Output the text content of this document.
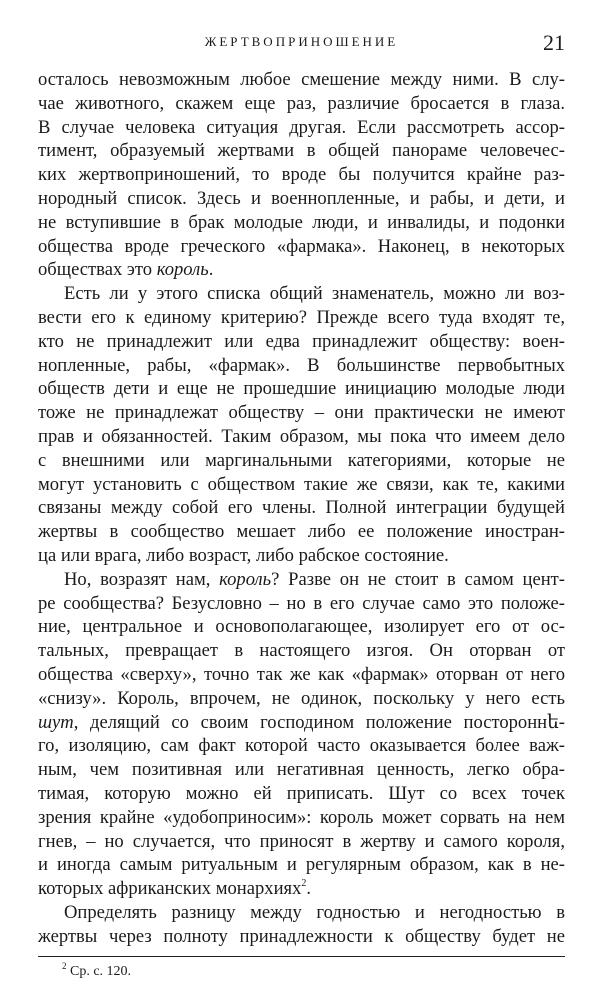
ЖЕРТВОПРИНОШЕНИЕ	21
осталось невозможным любое смешение между ними. В слу-
чае животного, скажем еще раз, различие бросается в глаза.
В случае человека ситуация другая. Если рассмотреть ассор-
тимент, образуемый жертвами в общей панораме человечес-
ких жертвоприношений, то вроде бы получится крайне раз-
нородный список. Здесь и военнопленные, и рабы, и дети, и
не вступившие в брак молодые люди, и инвалиды, и подонки
общества вроде греческого «фармака». Наконец, в некоторых
обществах это король.
Есть ли у этого списка общий знаменатель, можно ли воз-
вести его к единому критерию? Прежде всего туда входят те,
кто не принадлежит или едва принадлежит обществу: воен-
нопленные, рабы, «фармак». В большинстве первобытных
обществ дети и еще не прошедшие инициацию молодые люди
тоже не принадлежат обществу – они практически не имеют
прав и обязанностей. Таким образом, мы пока что имеем дело
с внешними или маргинальными категориями, которые не
могут установить с обществом такие же связи, как те, какими
связаны между собой его члены. Полной интеграции будущей
жертвы в сообщество мешает либо ее положение иностран-
ца или врага, либо возраст, либо рабское состояние.
Но, возразят нам, король? Разве он не стоит в самом цент-
ре сообщества? Безусловно – но в его случае само это положе-
ние, центральное и основополагающее, изолирует его от ос-
тальных, превращает в настоящего изгоя. Он оторван от
общества «сверху», точно так же как «фармак» оторван от него
«снизу». Король, впрочем, не одинок, поскольку у него есть
шут, делящий со своим господином положение постороннե-
го, изоляцию, сам факт которой часто оказывается более важ-
ным, чем позитивная или негативная ценность, легко обра-
тимая, которую можно ей приписать. Шут со всех точек
зрения крайне «удобоприносим»: король может сорвать на нем
гнев, – но случается, что приносят в жертву и самого короля,
и иногда самым ритуальным и регулярным образом, как в не-
которых африканских монархиях$^2$.
Определять разницу между годностью и негодностью в
жертвы через полноту принадлежности к обществу будет не
$^2$ Ср. с. 120.
